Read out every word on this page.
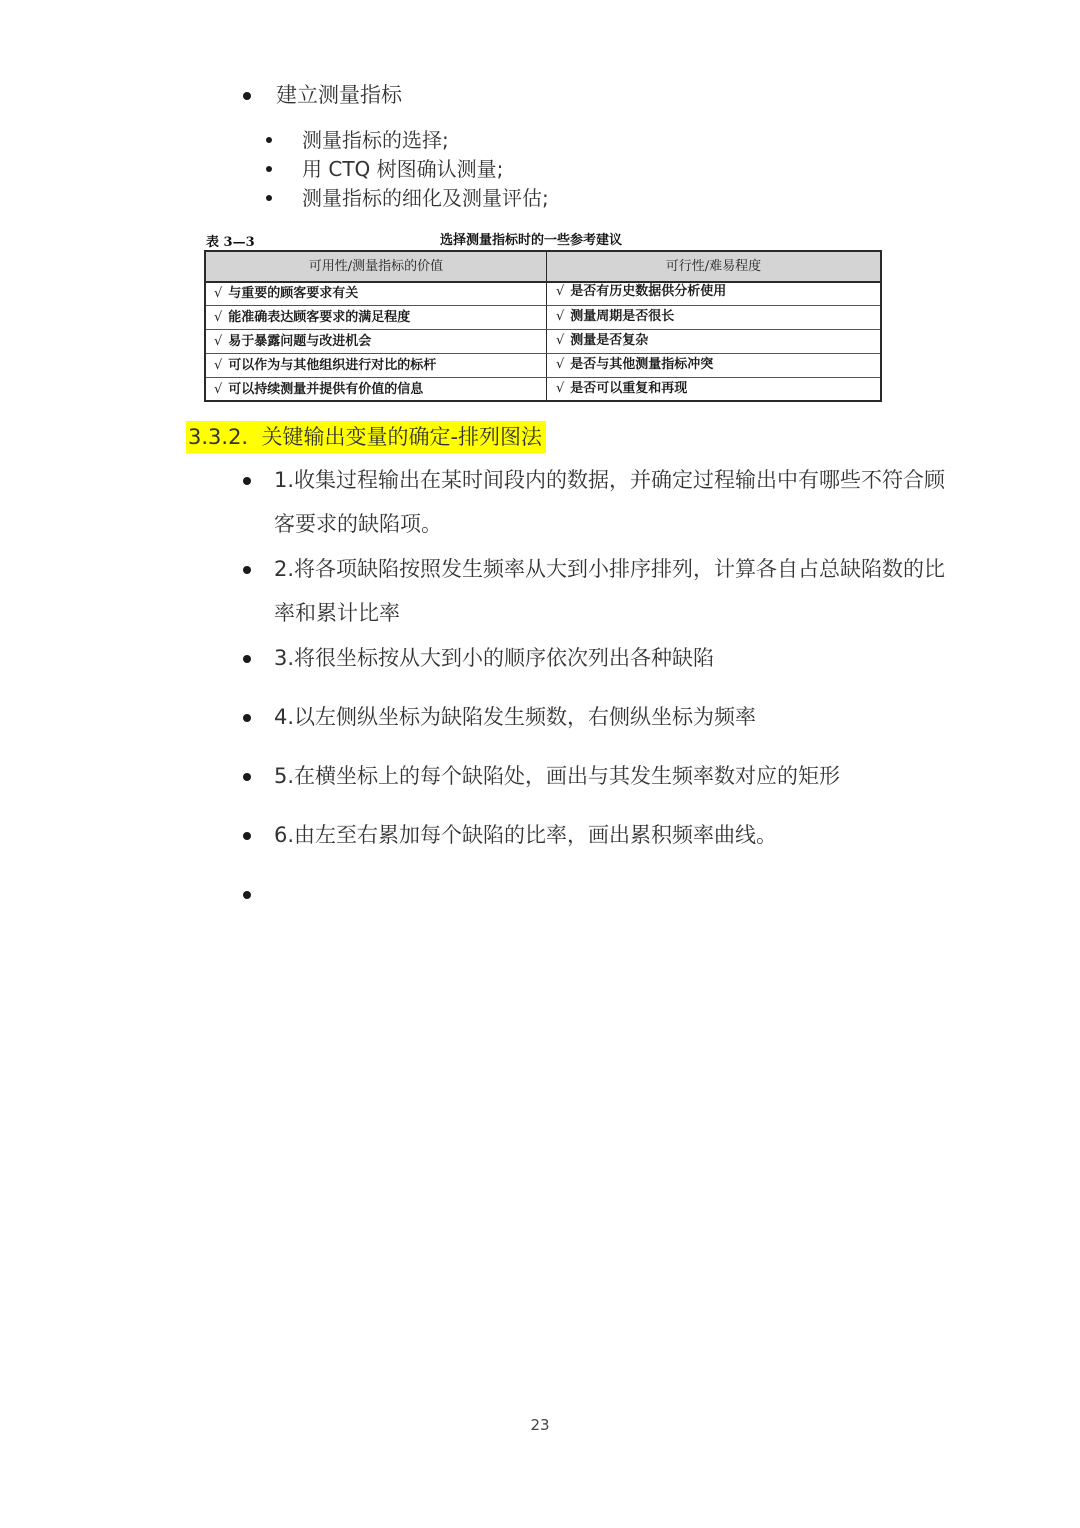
建立测量指标
测量指标的选择;
用 CTQ 树图确认测量;
测量指标的细化及测量评估;
表 3—3	选择测量指标时的一些参考建议
可用性/测量指标的价值	可行性/难易程度
√ 与重要的顾客要求有关	√ 是否有历史数据供分析使用
√ 能准确表达顾客要求的满足程度	√ 测量周期是否很长
√ 易于暴露问题与改进机会	√ 测量是否复杂
√ 可以作为与其他组织进行对比的标杆	√ 是否与其他测量指标冲突
√ 可以持续测量并提供有价值的信息	√ 是否可以重复和再现
3.3.2. 关键输出变量的确定-排列图法
1.收集过程输出在某时间段内的数据，并确定过程输出中有哪些不符合顾
客要求的缺陷项。
2.将各项缺陷按照发生频率从大到小排序排列，计算各自占总缺陷数的比
率和累计比率
3.将很坐标按从大到小的顺序依次列出各种缺陷
4.以左侧纵坐标为缺陷发生频数，右侧纵坐标为频率
5.在横坐标上的每个缺陷处，画出与其发生频率数对应的矩形
6.由左至右累加每个缺陷的比率，画出累积频率曲线。
23
